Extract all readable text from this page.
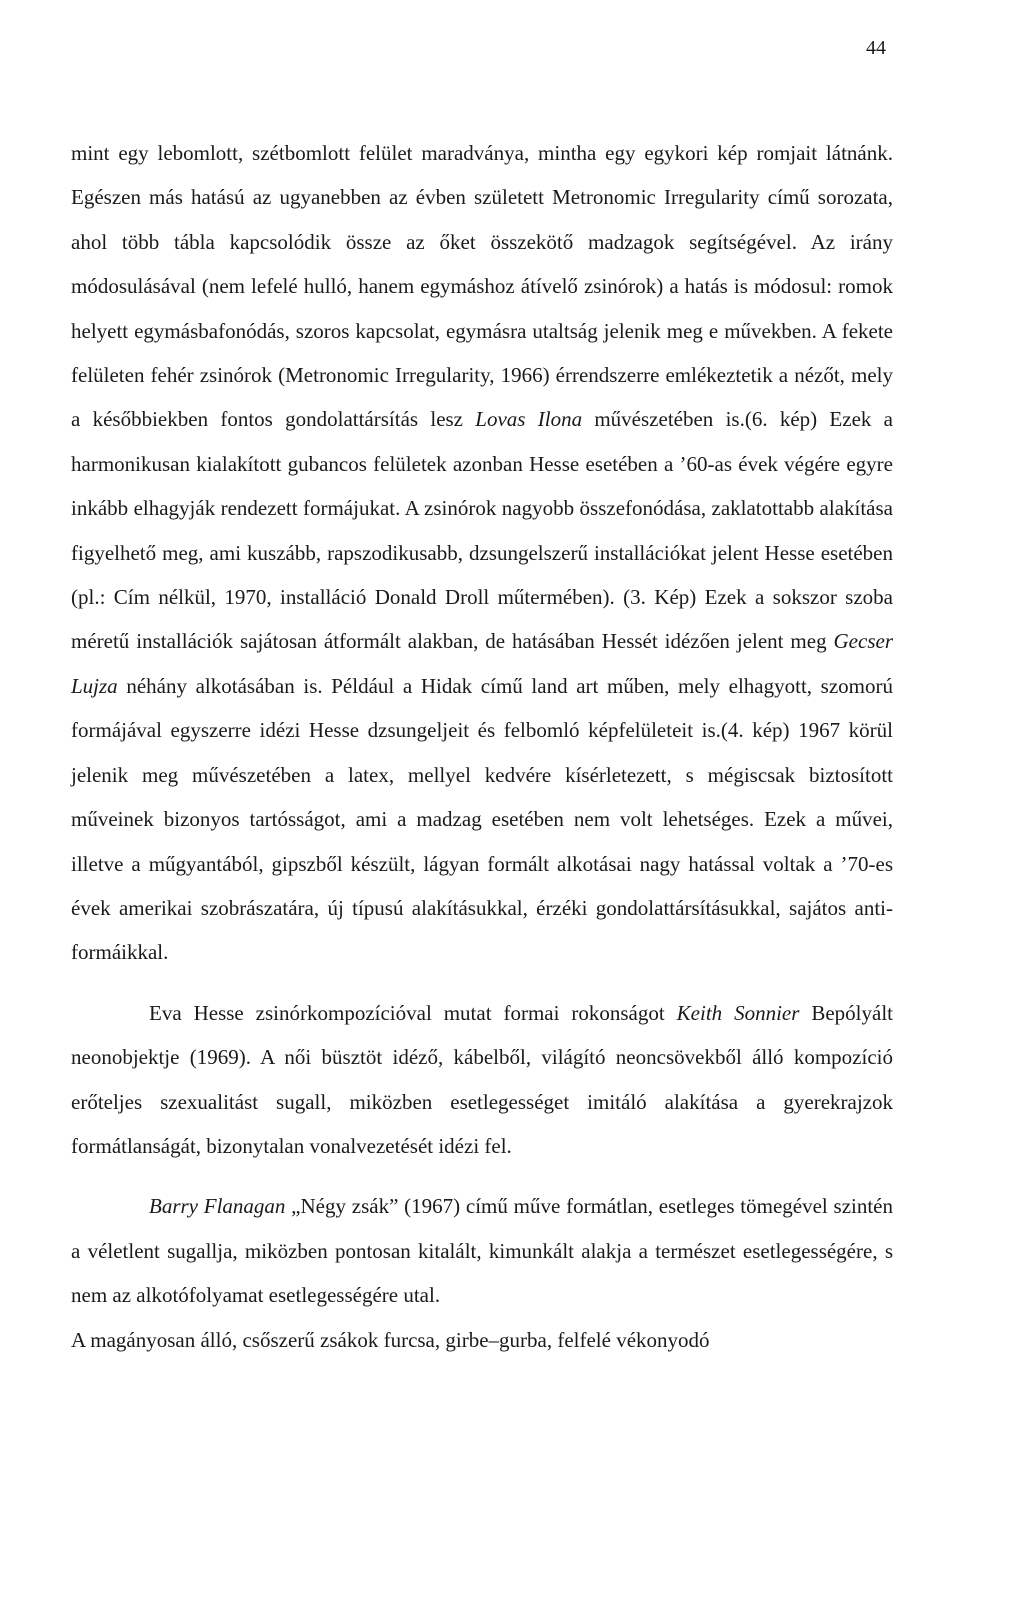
44

mint egy lebomlott, szétbomlott felület maradványa, mintha egy egykori kép romjait látnánk. Egészen más hatású az ugyanebben az évben született Metronomic Irregularity című sorozata, ahol több tábla kapcsolódik össze az őket összekötő madzagok segítségével. Az irány módosulásával (nem lefelé hulló, hanem egymáshoz átívelő zsinórok) a hatás is módosul: romok helyett egymásbafonódás, szoros kapcsolat, egymásra utaltság jelenik meg e művekben. A fekete felületen fehér zsinórok (Metronomic Irregularity, 1966) érrendszerre emlékeztetik a nézőt, mely a későbbiekben fontos gondolattársítás lesz Lovas Ilona művészetében is.(6. kép) Ezek a harmonikusan kialakított gubancos felületek azonban Hesse esetében a ’60-as évek végére egyre inkább elhagyják rendezett formájukat. A zsinórok nagyobb összefonódása, zaklatottabb alakítása figyelhető meg, ami kuszább, rapszodikusabb, dzsungelszerű installációkat jelent Hesse esetében (pl.: Cím nélkül, 1970, installáció Donald Droll műtermében). (3. Kép) Ezek a sokszor szoba méretű installációk sajátosan átformált alakban, de hatásában Hessét idézően jelent meg Gecser Lujza néhány alkotásában is. Például a Hidak című land art műben, mely elhagyott, szomorú formájával egyszerre idézi Hesse dzsungeljeit és felbomló képfelületeit is.(4. kép) 1967 körül jelenik meg művészetében a latex, mellyel kedvére kísérletezett, s mégiscsak biztosított műveinek bizonyos tartósságot, ami a madzag esetében nem volt lehetséges. Ezek a művei, illetve a műgyantából, gipszből készült, lágyan formált alkotásai nagy hatással voltak a ’70-es évek amerikai szobrászatára, új típusú alakításukkal, érzéki gondolattársításukkal, sajátos anti- formáikkal.

Eva Hesse zsinórkompozícióval mutat formai rokonságot Keith Sonnier Bepólyált neonobjektje (1969). A női büsztöt idéző, kábelből, világító neoncsövekből álló kompozíció erőteljes szexualitást sugall, miközben esetlegességet imitáló alakítása a gyerekrajzok formátlanságát, bizonytalan vonalvezetését idézi fel.

Barry Flanagan „Négy zsák” (1967) című műve formátlan, esetleges tömegével szintén a véletlent sugallja, miközben pontosan kitalált, kimunkált alakja a természet esetlegességére, s nem az alkotófolyamat esetlegességére utal.

A magányosan álló, csőszerű zsákok furcsa, girbe–gurba, felfelé vékonyodó
